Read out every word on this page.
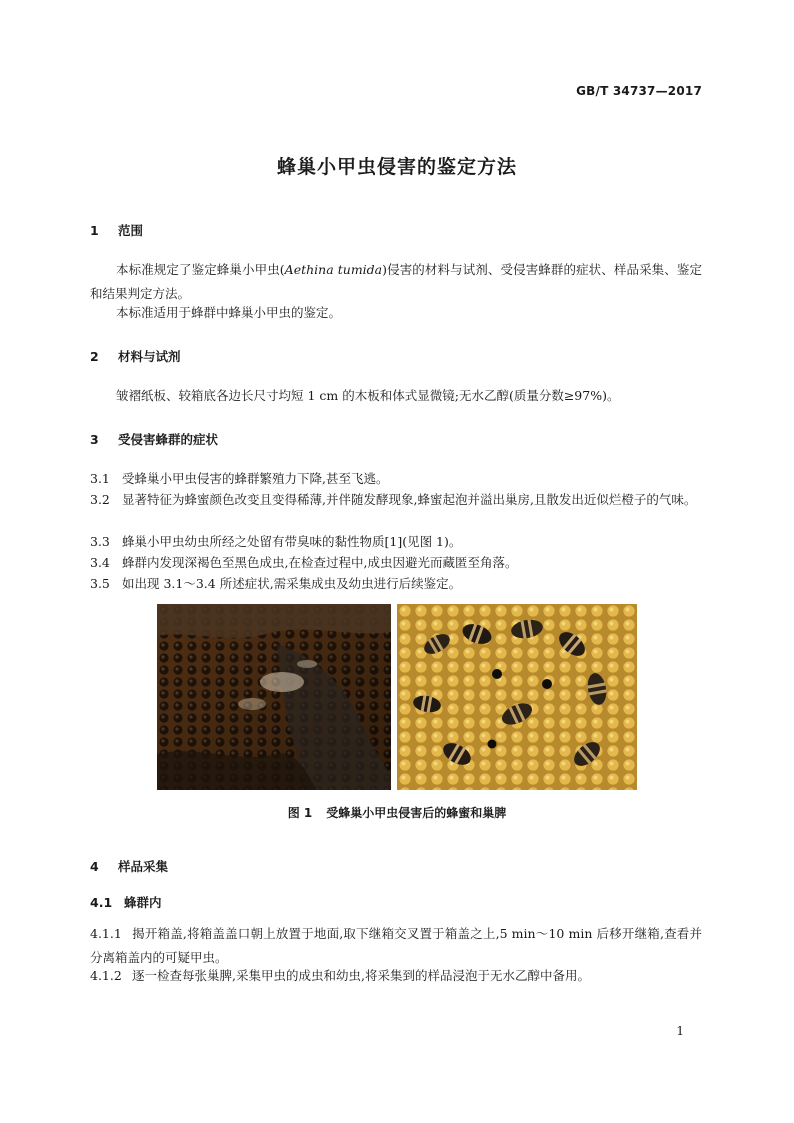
GB/T 34737—2017
蜂巢小甲虫侵害的鉴定方法
1 范围
本标准规定了鉴定蜂巢小甲虫(Aethina tumida)侵害的材料与试剂、受侵害蜂群的症状、样品采集、鉴定和结果判定方法。
本标准适用于蜂群中蜂巢小甲虫的鉴定。
2 材料与试剂
皱褶纸板、较箱底各边长尺寸均短 1 cm 的木板和体式显微镜;无水乙醇(质量分数≥97%)。
3 受侵害蜂群的症状
3.1 受蜂巢小甲虫侵害的蜂群繁殖力下降,甚至飞逃。
3.2 显著特征为蜂蜜颜色改变且变得稀薄,并伴随发酵现象,蜂蜜起泡并溢出巢房,且散发出近似烂橙子的气味。
3.3 蜂巢小甲虫幼虫所经之处留有带臭味的黏性物质[1](见图 1)。
3.4 蜂群内发现深褐色至黑色成虫,在检查过程中,成虫因避光而藏匿至角落。
3.5 如出现 3.1～3.4 所述症状,需采集成虫及幼虫进行后续鉴定。
图 1 受蜂巢小甲虫侵害后的蜂蜜和巢脾
4 样品采集
4.1 蜂群内
4.1.1 揭开箱盖,将箱盖盖口朝上放置于地面,取下继箱交叉置于箱盖之上,5 min～10 min 后移开继箱,查看并分离箱盖内的可疑甲虫。
4.1.2 逐一检查每张巢脾,采集甲虫的成虫和幼虫,将采集到的样品浸泡于无水乙醇中备用。
1
